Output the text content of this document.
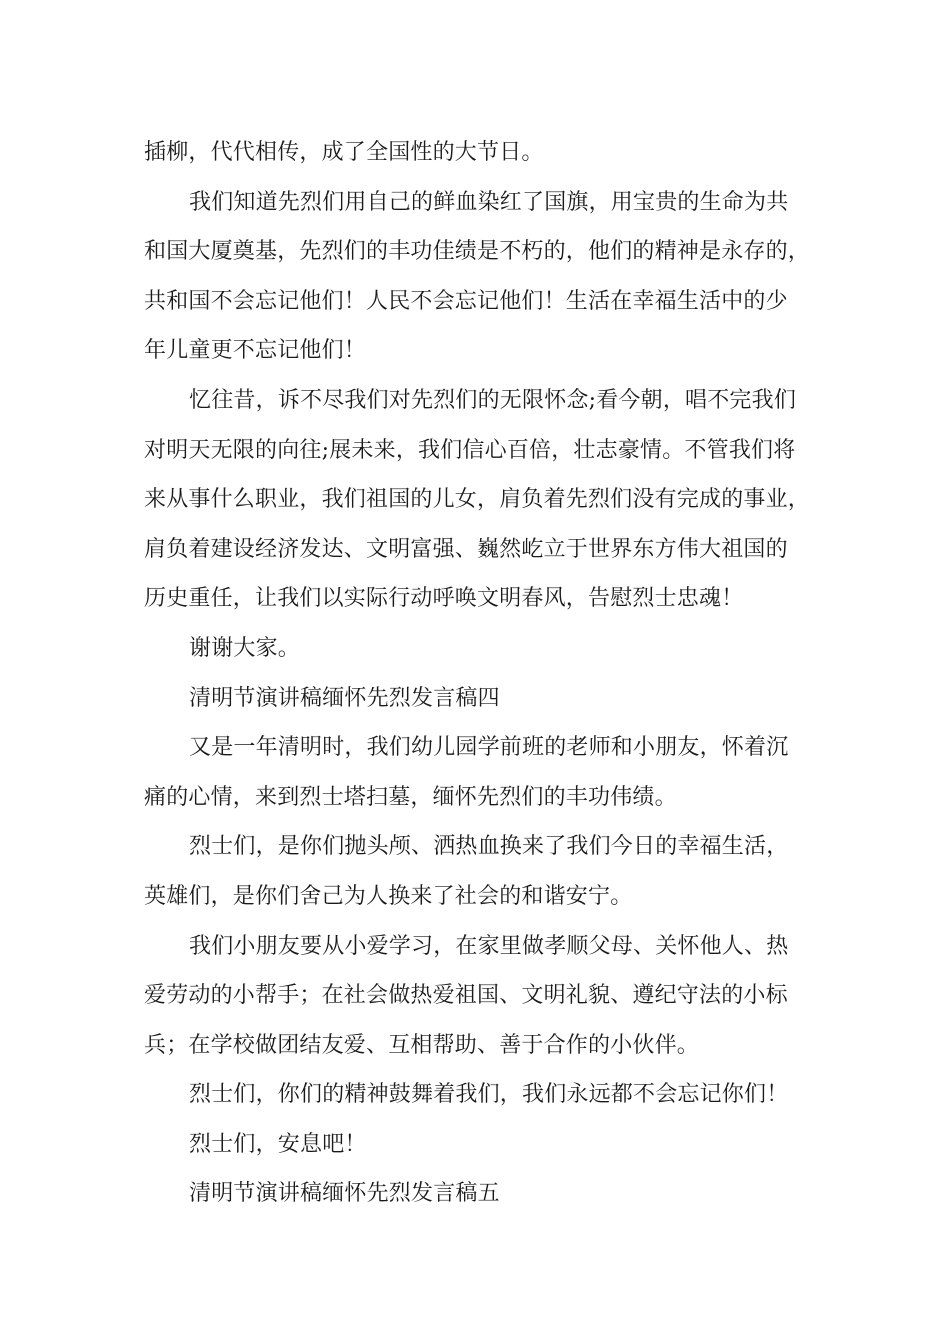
插柳，代代相传，成了全国性的大节日。
我们知道先烈们用自己的鲜血染红了国旗，用宝贵的生命为共
和国大厦奠基，先烈们的丰功佳绩是不朽的，他们的精神是永存的，
共和国不会忘记他们！人民不会忘记他们！生活在幸福生活中的少
年儿童更不忘记他们！
忆往昔，诉不尽我们对先烈们的无限怀念;看今朝，唱不完我们
对明天无限的向往;展未来，我们信心百倍，壮志豪情。不管我们将
来从事什么职业，我们祖国的儿女，肩负着先烈们没有完成的事业，
肩负着建设经济发达、文明富强、巍然屹立于世界东方伟大祖国的
历史重任，让我们以实际行动呼唤文明春风，告慰烈士忠魂！
谢谢大家。
清明节演讲稿缅怀先烈发言稿四
又是一年清明时，我们幼儿园学前班的老师和小朋友，怀着沉
痛的心情，来到烈士塔扫墓，缅怀先烈们的丰功伟绩。
烈士们，是你们抛头颅、洒热血换来了我们今日的幸福生活，
英雄们，是你们舍己为人换来了社会的和谐安宁。
我们小朋友要从小爱学习，在家里做孝顺父母、关怀他人、热
爱劳动的小帮手；在社会做热爱祖国、文明礼貌、遵纪守法的小标
兵；在学校做团结友爱、互相帮助、善于合作的小伙伴。
烈士们，你们的精神鼓舞着我们，我们永远都不会忘记你们！
烈士们，安息吧！
清明节演讲稿缅怀先烈发言稿五
